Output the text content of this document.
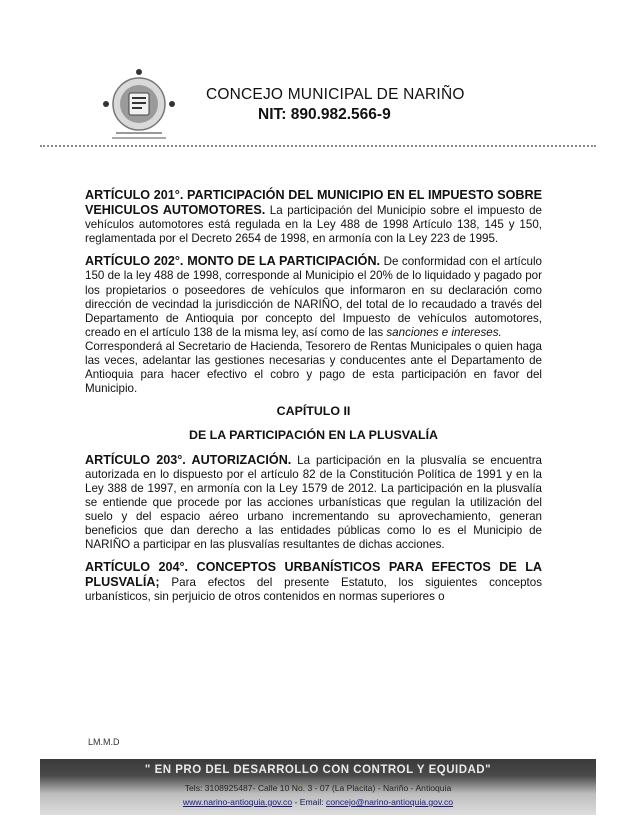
CONCEJO MUNICIPAL DE NARIÑO
NIT: 890.982.566-9

ARTÍCULO 201°. PARTICIPACIÓN DEL MUNICIPIO EN EL IMPUESTO SOBRE VEHICULOS AUTOMOTORES. La participación del Municipio sobre el impuesto de vehículos automotores está regulada en la Ley 488 de 1998 Artículo 138, 145 y 150, reglamentada por el Decreto 2654 de 1998, en armonía con la Ley 223 de 1995.

ARTÍCULO 202°. MONTO DE LA PARTICIPACIÓN. De conformidad con el artículo 150 de la ley 488 de 1998, corresponde al Municipio el 20% de lo liquidado y pagado por los propietarios o poseedores de vehículos que informaron en su declaración como dirección de vecindad la jurisdicción de NARIÑO, del total de lo recaudado a través del Departamento de Antioquia por concepto del Impuesto de vehículos automotores, creado en el artículo 138 de la misma ley, así como de las sanciones e intereses.

Corresponderá al Secretario de Hacienda, Tesorero de Rentas Municipales o quien haga las veces, adelantar las gestiones necesarias y conducentes ante el Departamento de Antioquia para hacer efectivo el cobro y pago de esta participación en favor del Municipio.

CAPÍTULO II
DE LA PARTICIPACIÓN EN LA PLUSVALÍA

ARTÍCULO 203°. AUTORIZACIÓN. La participación en la plusvalía se encuentra autorizada en lo dispuesto por el artículo 82 de la Constitución Política de 1991 y en la Ley 388 de 1997, en armonía con la Ley 1579 de 2012. La participación en la plusvalía se entiende que procede por las acciones urbanísticas que regulan la utilización del suelo y del espacio aéreo urbano incrementando su aprovechamiento, generan beneficios que dan derecho a las entidades públicas como lo es el Municipio de NARIÑO a participar en las plusvalías resultantes de dichas acciones.

ARTÍCULO 204°. CONCEPTOS URBANÍSTICOS PARA EFECTOS DE LA PLUSVALÍA; Para efectos del presente Estatuto, los siguientes conceptos urbanísticos, sin perjuicio de otros contenidos en normas superiores o

LM.M.D
" EN PRO DEL DESARROLLO CON CONTROL Y EQUIDAD"
Tels: 3108925487- Calle 10 No. 3 - 07 (La Placita) - Nariño - Antioquia
www.narino-antioquia.gov.co - Email: concejo@narino-antioquia.gov.co
